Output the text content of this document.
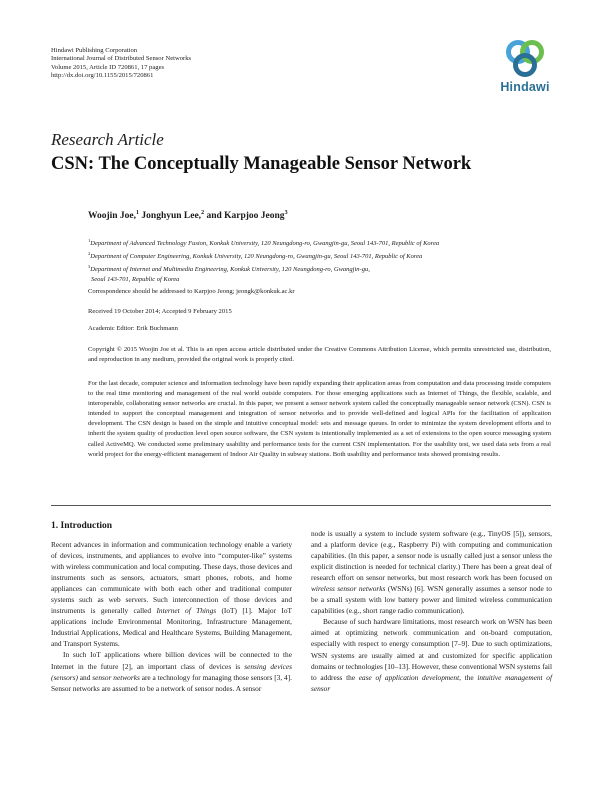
Hindawi Publishing Corporation
International Journal of Distributed Sensor Networks
Volume 2015, Article ID 720861, 17 pages
http://dx.doi.org/10.1155/2015/720861
Hindawi
Research Article
CSN: The Conceptually Manageable Sensor Network
Woojin Joe,$^1$ Jonghyun Lee,$^2$ and Karpjoo Jeong$^3$
$^1$Department of Advanced Technology Fusion, Konkuk University, 120 Neungdong-ro, Gwangjin-gu, Seoul 143-701, Republic of Korea
$^2$Department of Computer Engineering, Konkuk University, 120 Neungdong-ro, Gwangjin-gu, Seoul 143-701, Republic of Korea
$^3$Department of Internet and Multimedia Engineering, Konkuk University, 120 Neungdong-ro, Gwangjin-gu,
Seoul 143-701, Republic of Korea
Correspondence should be addressed to Karpjoo Jeong; jeongk@konkuk.ac.kr
Received 19 October 2014; Accepted 9 February 2015
Academic Editor: Erik Buchmann
Copyright © 2015 Woojin Joe et al. This is an open access article distributed under the Creative Commons Attribution License, which permits unrestricted use, distribution, and reproduction in any medium, provided the original work is properly cited.
For the last decade, computer science and information technology have been rapidly expanding their application areas from computation and data processing inside computers to the real time monitoring and management of the real world outside computers. For those emerging applications such as Internet of Things, the flexible, scalable, and interoperable, collaborating sensor networks are crucial. In this paper, we present a sensor network system called the conceptually manageable sensor network (CSN). CSN is intended to support the conceptual management and integration of sensor networks and to provide well-defined and logical APIs for the facilitation of application development. The CSN design is based on the simple and intuitive conceptual model: sets and message queues. In order to minimize the system development efforts and to inherit the system quality of production level open source software, the CSN system is intentionally implemented as a set of extensions to the open source messaging system called ActiveMQ. We conducted some preliminary usability and performance tests for the current CSN implementation. For the usability test, we used data sets from a real world project for the energy-efficient management of Indoor Air Quality in subway stations. Both usability and performance tests showed promising results.
1. Introduction

Recent advances in information and communication technology enable a variety of devices, instruments, and appliances to evolve into “computer-like” systems with wireless communication and local computing. These days, those devices and instruments such as sensors, actuators, smart phones, robots, and home appliances can communicate with both each other and traditional computer systems such as web servers. Such interconnection of those devices and instruments is generally called Internet of Things (IoT) [1]. Major IoT applications include Environmental Monitoring, Infrastructure Management, Industrial Applications, Medical and Healthcare Systems, Building Management, and Transport Systems.

In such IoT applications where billion devices will be connected to the Internet in the future [2], an important class of devices is sensing devices (sensors) and sensor networks are a technology for managing those sensors [3, 4]. Sensor networks are assumed to be a network of sensor nodes. A sensor

node is usually a system to include system software (e.g., TinyOS [5]), sensors, and a platform device (e.g., Raspberry Pi) with computing and communication capabilities. (In this paper, a sensor node is usually called just a sensor unless the explicit distinction is needed for technical clarity.) There has been a great deal of research effort on sensor networks, but most research work has been focused on wireless sensor networks (WSNs) [6]. WSN generally assumes a sensor node to be a small system with low battery power and limited wireless communication capabilities (e.g., short range radio communication).

Because of such hardware limitations, most research work on WSN has been aimed at optimizing network communication and on-board computation, especially with respect to energy consumption [7–9]. Due to such optimizations, WSN systems are usually aimed at and customized for specific application domains or technologies [10–13]. However, these conventional WSN systems fail to address the ease of application development, the intuitive management of sensor
